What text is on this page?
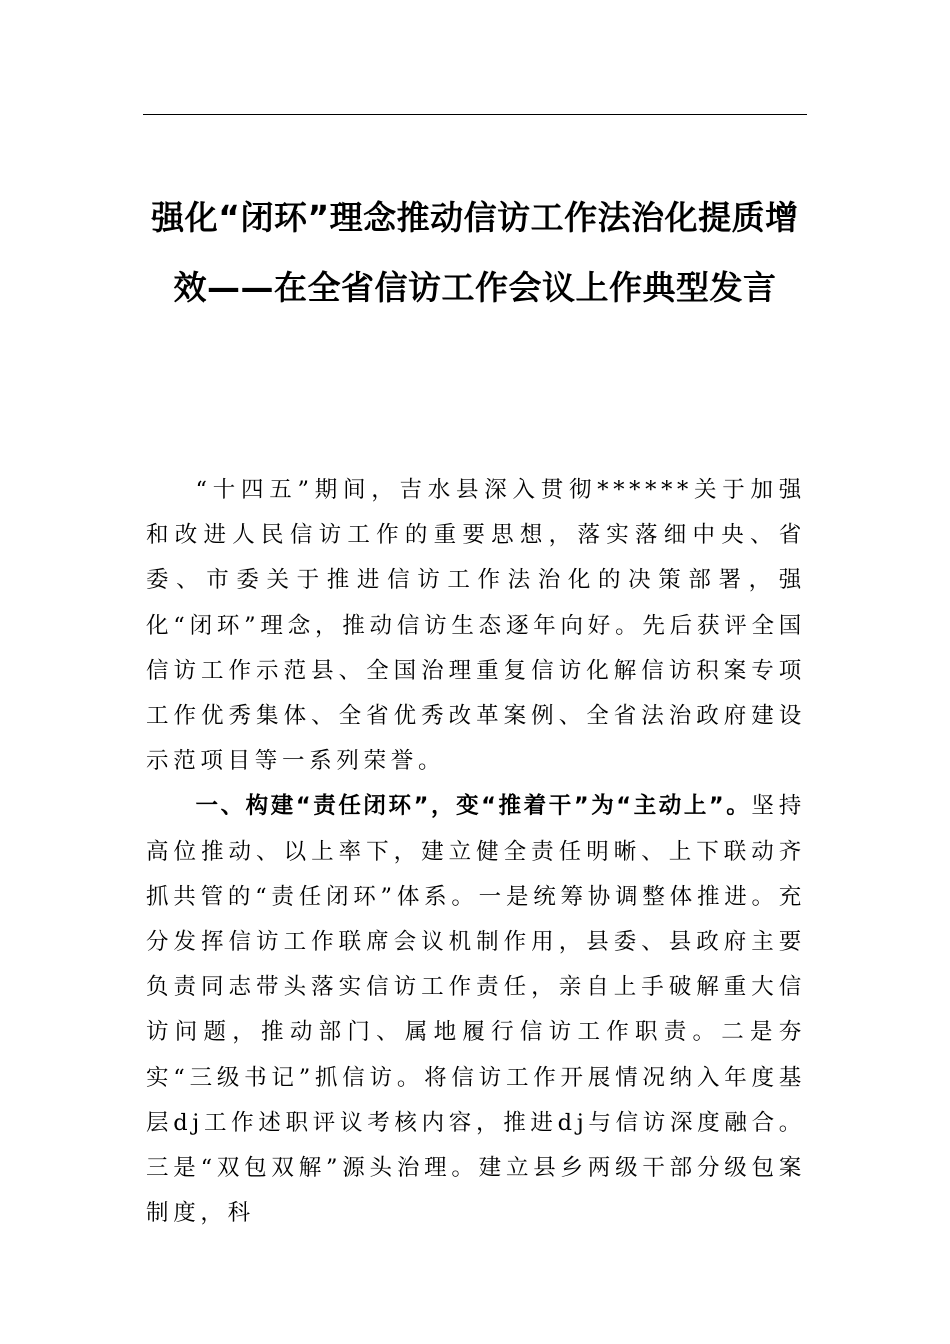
强化“闭环”理念推动信访工作法治化提质增效——在全省信访工作会议上作典型发言

“十四五”期间，吉水县深入贯彻******关于加强和改进人民信访工作的重要思想，落实落细中央、省委、市委关于推进信访工作法治化的决策部署，强化“闭环”理念，推动信访生态逐年向好。先后获评全国信访工作示范县、全国治理重复信访化解信访积案专项工作优秀集体、全省优秀改革案例、全省法治政府建设示范项目等一系列荣誉。

一、构建“责任闭环”，变“推着干”为“主动上”。坚持高位推动、以上率下，建立健全责任明晰、上下联动齐抓共管的“责任闭环”体系。一是统筹协调整体推进。充分发挥信访工作联席会议机制作用，县委、县政府主要负责同志带头落实信访工作责任，亲自上手破解重大信访问题，推动部门、属地履行信访工作职责。二是夯实“三级书记”抓信访。将信访工作开展情况纳入年度基层dj工作述职评议考核内容，推进dj与信访深度融合。三是“双包双解”源头治理。建立县乡两级干部分级包案制度，科
